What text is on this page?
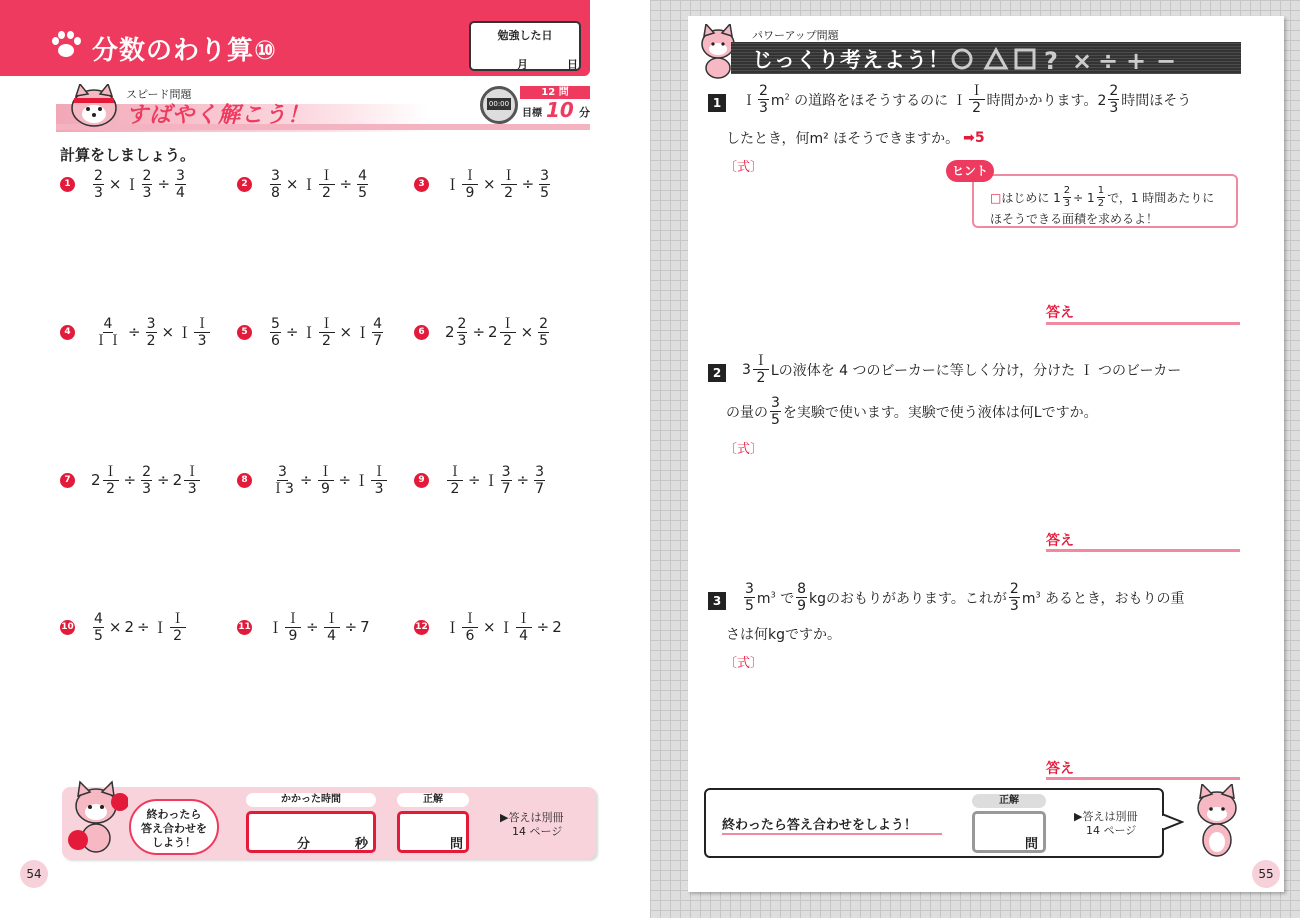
分数のわり算⑩
勉強した日
月	日
スピード問題
すばやく解こう！	00:00
12 問
目標 10 分
計算をしましょう。
1	$\frac{2}{3}$ × Ｉ $\frac{2}{3} \div \frac{3}{4}$	2	$\frac{3}{8}$ × Ｉ $\frac{\text{Ｉ}}{2} \div \frac{4}{5}$	3 Ｉ $\frac{\text{Ｉ}}{9} \times \frac{\text{Ｉ}}{2} \div \frac{3}{5}$
4	$\frac{4}{\text{ＩＩ}} \div \frac{3}{2}$ × Ｉ $\frac{\text{Ｉ}}{3}$	5	$\frac{5}{6}$ ÷ Ｉ $\frac{\text{Ｉ}}{2}$ × Ｉ $\frac{4}{7}$	6 $2 \frac{2}{3} \div 2 \frac{\text{Ｉ}}{2} \times \frac{2}{5}$
7 $2 \frac{\text{Ｉ}}{2} \div \frac{2}{3} \div 2 \frac{\text{Ｉ}}{3}$	8	$\frac{3}{\text{Ｉ3}} \div \frac{\text{Ｉ}}{9}$ ÷ Ｉ $\frac{\text{Ｉ}}{3}$	9	$\frac{\text{Ｉ}}{2}$ ÷ Ｉ $\frac{3}{7} \div \frac{3}{7}$
$10 \frac{4}{5} \times 2$ ÷ Ｉ $\frac{\text{Ｉ}}{2}$	11 Ｉ $\frac{\text{Ｉ}}{9} \div \frac{\text{Ｉ}}{4} \div 7$	12 Ｉ $\frac{\text{Ｉ}}{6}$ × Ｉ $\frac{\text{Ｉ}}{4} \div 2$
終わったら
答え合わせを
しよう！
かかった時間
分	秒
正解
問
▶答えは別冊
14 ページ
54
パワーアップ問題
じっくり考えよう！	? × ÷ + −
1	Ｉ $\frac{2}{3} m^2$ の道路をほそうするのに Ｉ $\frac{\text{Ｉ}}{2}$ 時間かかります。$2 \frac{2}{3}$ 時間ほそう
したとき，何m² ほそうできますか。 ➡5
〔式〕	ヒント
□ はじめに $1 \frac{2}{3} \div 1 \frac{1}{2}$ で，1 時間あたりに
ほそうできる面積を求めるよ！
答え
2	$3 \frac{\text{Ｉ}}{2}$ Lの液体を 4 つのビーカーに等しく分け，分けた Ｉ つのビーカー
の量の $\frac{3}{5}$ を実験で使います。実験で使う液体は何Lですか。
〔式〕
答え
3	$\frac{3}{5} m^3$ で $\frac{8}{9}$ kgのおもりがあります。これが $\frac{2}{3} m^3$ あるとき，おもりの重
さは何kgですか。
〔式〕
答え
終わったら答え合わせをしよう！
正解
問
▶答えは別冊
14 ページ
55
